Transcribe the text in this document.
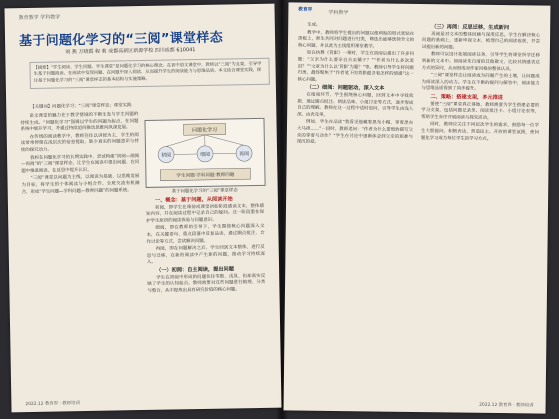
教育教学 学科教学
基于问题化学习的“三阅”课堂样态
刘 燕 万晓霞 程 莉 成都高新区新源学校 四川成都 610041
【摘要】“学生阅读、学生问题、学生课堂”是问题化学习的核心理念。在初中语文课堂中，教师以“三阅”为支架，引导学生基于问题阅读、在阅读中发现问题、在问题中深入阅读，从而提升学生的阅读能力与思维品质。本文结合课堂实践，探讨基于问题化学习的“三阅”课堂样态的基本结构与实施策略。
【关键词】问题化学习；“三阅”课堂样态；课堂实践

语文课堂的魅力在于教学情境的不断生发与学生问题的持续生成。“问题化学习”强调以学生的问题为起点，在问题系统中展开学习，并通过持续追问推动思维向纵深发展。

在传统的阅读教学中，教师往往以讲授为主，学生的阅读常常停留在浅层次的信息提取，缺少真实的问题意识与持续的探究动力。

我校在问题化学习的长期实践中，尝试构建“初阅—细阅—再阅”的“三阅”课堂样态，让学生在阅读中提出问题、在问题中推进阅读、在反思中提升认识。

“三阅”课堂以问题为主线、以阅读为基础、以思维发展为目标，将学生的个体阅读与小组合作、全班交流有机融合，形成“学生问题—学科问题—教师问题”的问题系统。

问题化学习
初阅	细阅	再阅
学生问题·学科问题·教师问题
基于问题化学习的“三阅”课堂样态

一、概念：基于问题，从阅读开始

初阅，即学生在课前或课堂初始阶段通读文本，整体感知内容，并在阅读过程中记录自己的疑问。这一阶段重在保护学生原初的阅读体验与问题意识。

细阅，即在教师的引导下，学生围绕核心问题深入文本，在关键语句、重点段落中反复品读，通过圈点批注、合作讨论等方式，尝试解决问题。

再阅，即在问题解决之后，学生回到文本整体，进行反思与迁移，在新的阅读中产生新的问题，推动学习持续深入。

（一）初阅：自主阅读，提出问题

学生在初阅中形成的问题往往零散、浅显，但却真实反映了学生的认知起点。教师需要对这些问题进行梳理、分类与整合，从中提炼出具有研究价值的核心问题。

2022.12 教育界 · 教师培训
教育界	学科教学

生成。

教学中，教师将学生提出的问题以便利贴的形式张贴在黑板上，师生共同对问题进行归类，筛选出能够统领全文的核心问题，并以此为主线组织课堂教学。

如在执教《背影》一课时，学生在初阅后提出了许多问题：“父亲为什么要亲自去买橘子？”“作者为什么多次流泪？”“文章为什么以‘背影’为题？”等。教师引导学生将问题归类，最终聚焦于“作者笔下的背影蕴含着怎样的情感”这一核心问题。

（二）细阅：问题驱动，深入文本

在细阅环节，学生围绕核心问题，回到文本中寻找依据，通过圈点批注、朗读品味、小组讨论等方式，逐步形成自己的理解。教师在这一过程中适时追问，引导学生由浅入深、由表及里。

例如，学生在品读“我看见他戴着黑布小帽，穿着黑布大马褂……”一段时，教师追问：“作者为什么要细致描写父亲的穿着与动作？”学生在讨论中逐渐体会到父亲的艰难与深沉的爱。

（三）再阅：反思迁移，生成新问

再阅是对文本的整体回顾与深度反思。学生在解决核心问题的基础上，重新审视文本，梳理自己的阅读收获，并尝试提出新的问题。

教师可以设计拓展阅读任务，引导学生将课堂所学迁移到新的文本中。如阅读朱自清的其他散文，比较其情感表达方式的异同，从而形成对作家风格的整体认识。

“三阅”课堂样态让阅读成为问题产生的土壤，让问题成为阅读深入的动力。学生在不断的提问与解答中，阅读能力与思维品质得到了同步提升。

二、策略：搭建支架，多元推进

要使“三阅”课堂真正落地，教师需要为学生搭建必要的学习支架，包括问题记录单、阅读批注卡、小组讨论表等，帮助学生有序开展阅读与探究活动。

同时，教师应关注不同层次学生的需求，鼓励每一位学生大胆提问、积极表达，营造民主、开放的课堂氛围，使问题化学习成为每位学生的学习方式。

2022.12 教育界 · 教师培训
